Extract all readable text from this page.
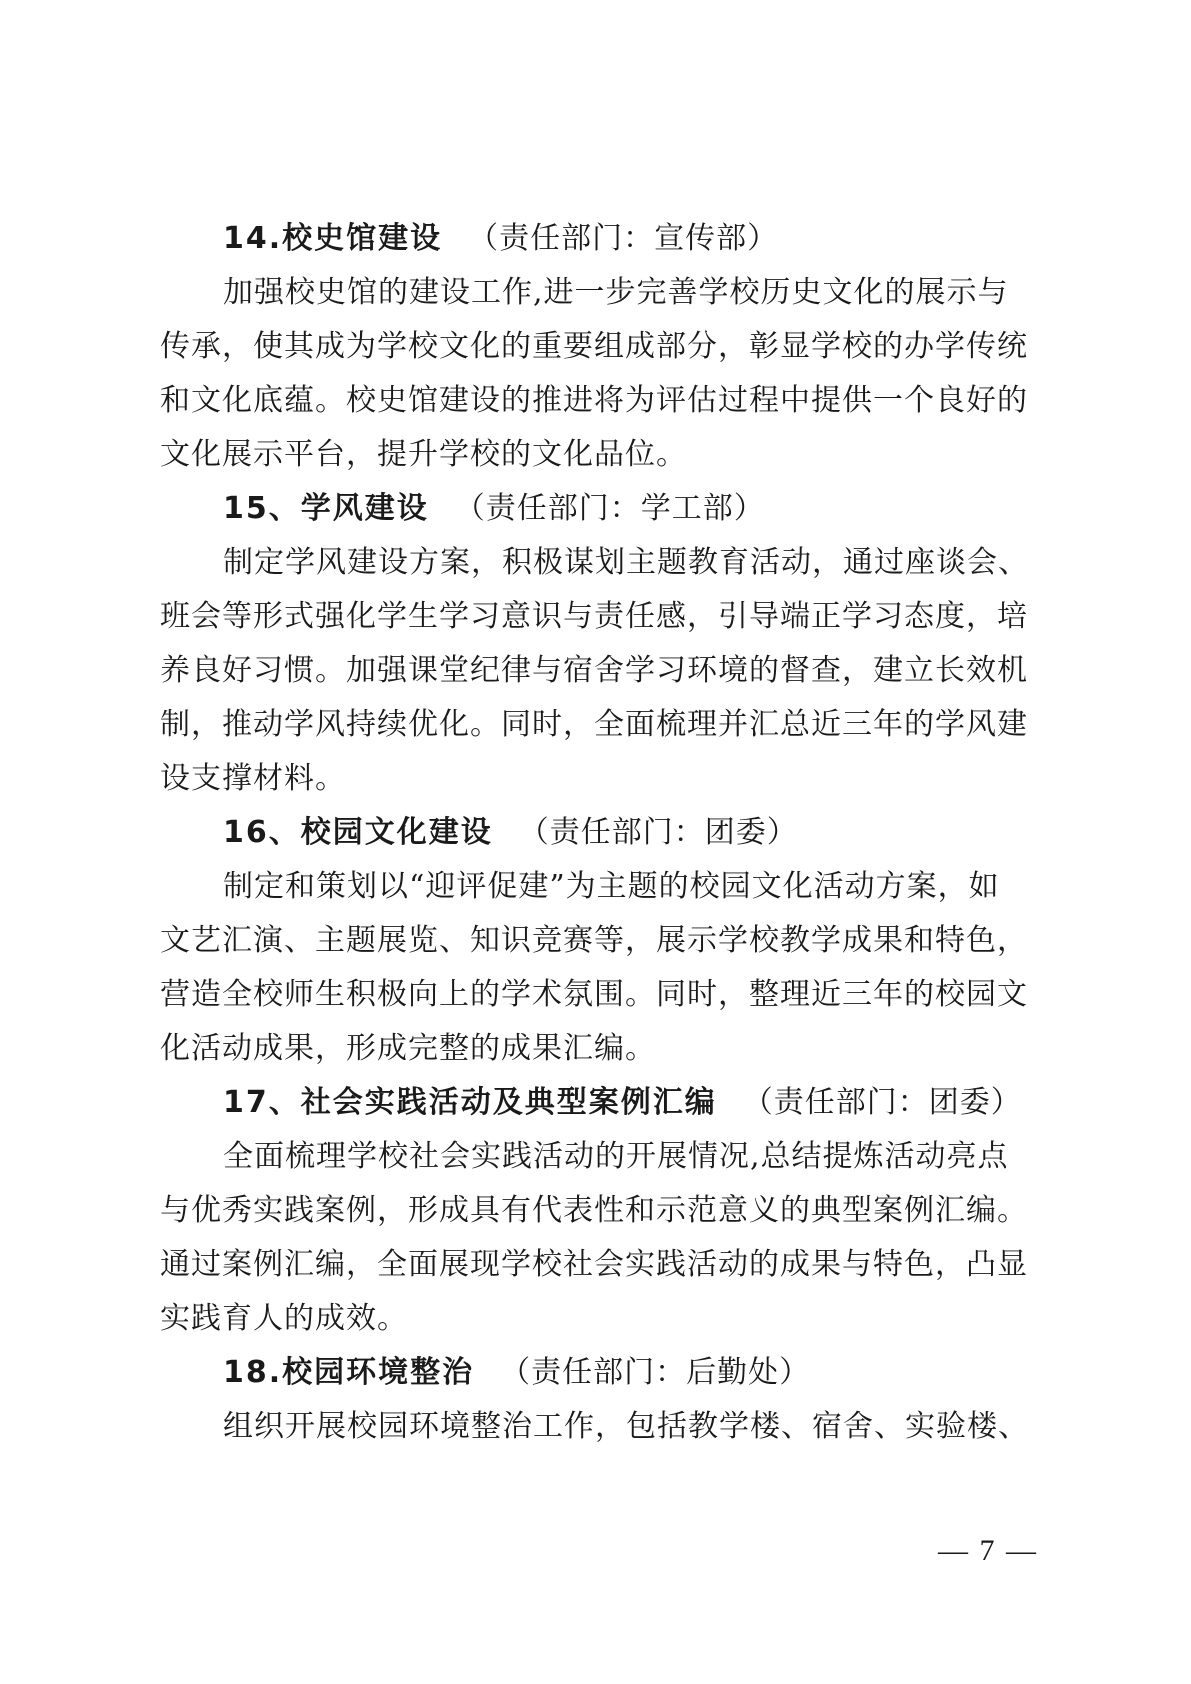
14.校史馆建设 （责任部门：宣传部）
加强校史馆的建设工作,进一步完善学校历史文化的展示与
传承，使其成为学校文化的重要组成部分，彰显学校的办学传统
和文化底蕴。校史馆建设的推进将为评估过程中提供一个良好的
文化展示平台，提升学校的文化品位。
15、学风建设 （责任部门：学工部）
制定学风建设方案，积极谋划主题教育活动，通过座谈会、
班会等形式强化学生学习意识与责任感，引导端正学习态度，培
养良好习惯。加强课堂纪律与宿舍学习环境的督查，建立长效机
制，推动学风持续优化。同时，全面梳理并汇总近三年的学风建
设支撑材料。
16、校园文化建设 （责任部门：团委）
制定和策划以“迎评促建”为主题的校园文化活动方案，如
文艺汇演、主题展览、知识竞赛等，展示学校教学成果和特色，
营造全校师生积极向上的学术氛围。同时，整理近三年的校园文
化活动成果，形成完整的成果汇编。
17、社会实践活动及典型案例汇编 （责任部门：团委）
全面梳理学校社会实践活动的开展情况,总结提炼活动亮点
与优秀实践案例，形成具有代表性和示范意义的典型案例汇编。
通过案例汇编，全面展现学校社会实践活动的成果与特色，凸显
实践育人的成效。
18.校园环境整治 （责任部门：后勤处）
组织开展校园环境整治工作，包括教学楼、宿舍、实验楼、
— 7 —
